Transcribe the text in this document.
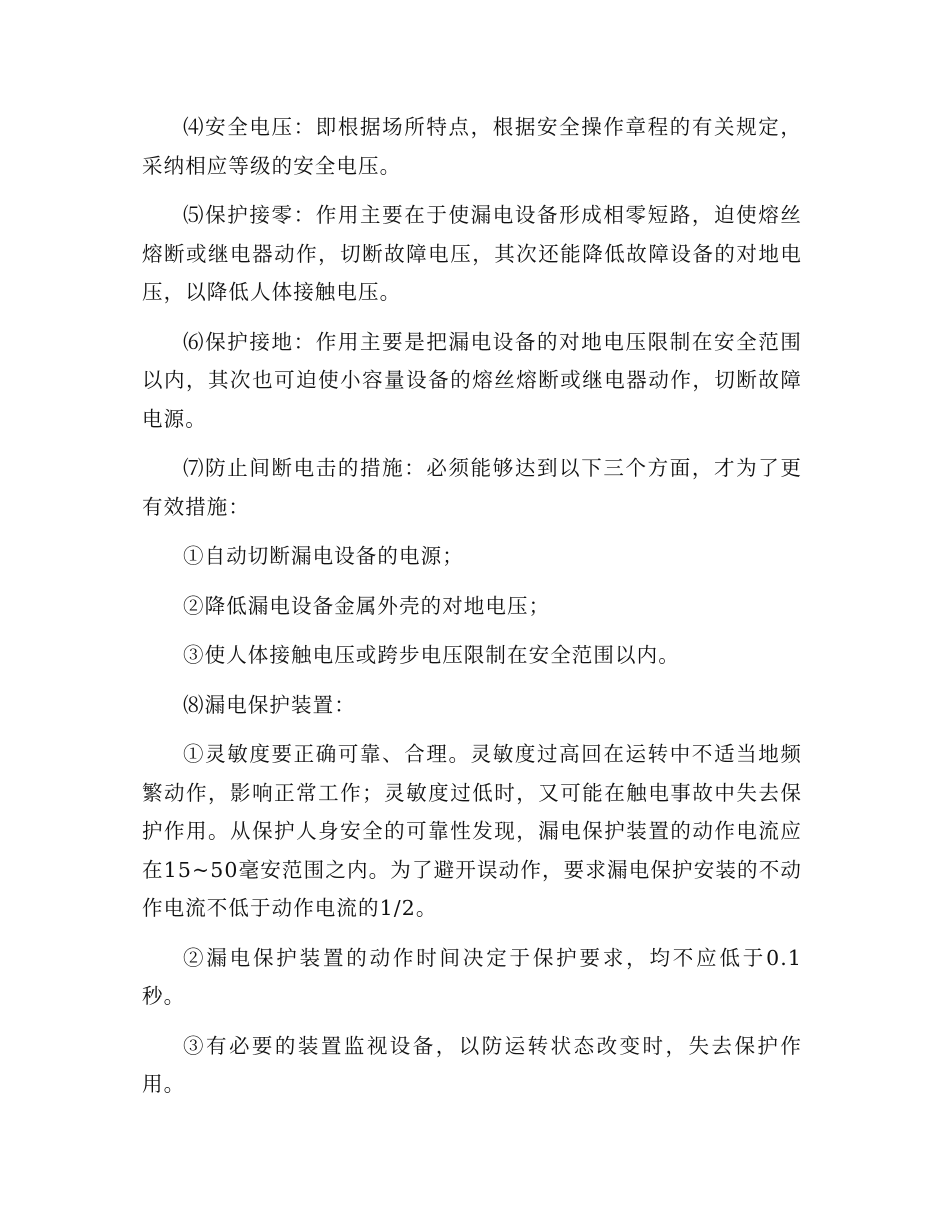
⑷安全电压：即根据场所特点，根据安全操作章程的有关规定，采纳相应等级的安全电压。

⑸保护接零：作用主要在于使漏电设备形成相零短路，迫使熔丝熔断或继电器动作，切断故障电压，其次还能降低故障设备的对地电压，以降低人体接触电压。

⑹保护接地：作用主要是把漏电设备的对地电压限制在安全范围以内，其次也可迫使小容量设备的熔丝熔断或继电器动作，切断故障电源。

⑺防止间断电击的措施：必须能够达到以下三个方面，才为了更有效措施：

①自动切断漏电设备的电源；

②降低漏电设备金属外壳的对地电压；

③使人体接触电压或跨步电压限制在安全范围以内。

⑻漏电保护装置：

①灵敏度要正确可靠、合理。灵敏度过高回在运转中不适当地频繁动作，影响正常工作；灵敏度过低时，又可能在触电事故中失去保护作用。从保护人身安全的可靠性发现，漏电保护装置的动作电流应在15~50毫安范围之内。为了避开误动作，要求漏电保护安装的不动作电流不低于动作电流的1/2。

②漏电保护装置的动作时间决定于保护要求，均不应低于0.1秒。

③有必要的装置监视设备，以防运转状态改变时，失去保护作用。
